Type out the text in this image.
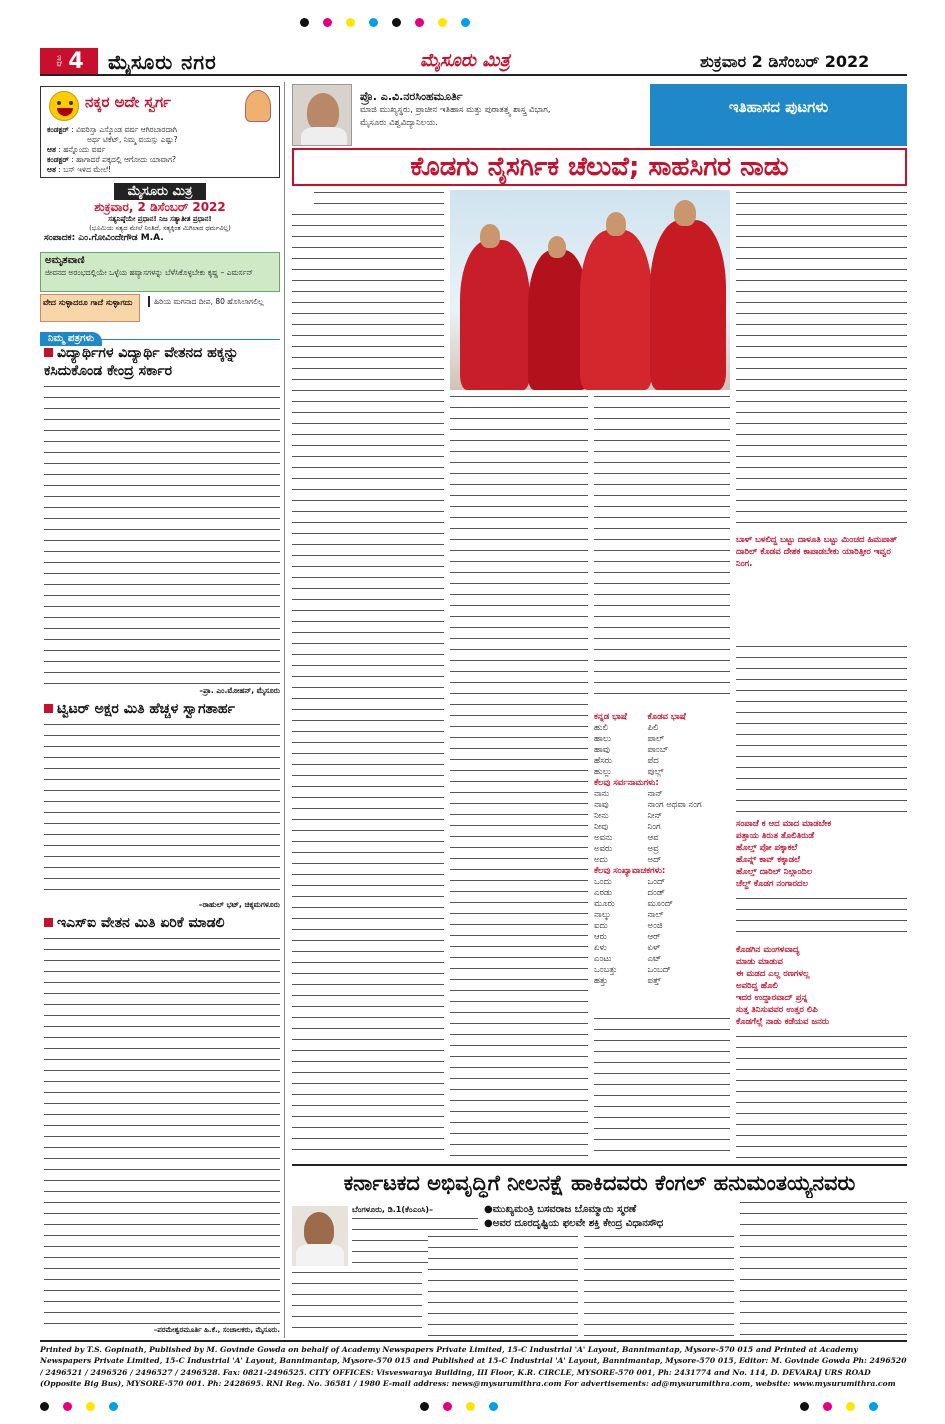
ಪುಟ 4 ಮೈಸೂರು ನಗರ	ಮೈಸೂರು ಮಿತ್ರ	ಶುಕ್ರವಾರ 2 ಡಿಸೆಂಬರ್ 2022
ನಕ್ಕರ ಅದೇ ಸ್ವರ್ಗ
ಕಂಡಕ್ಟರ್ : ವಿವರಿಸ್ತಾ ಎಸ್ಕೊಂಡ ವರ್ಷ ಆಗಿರಬಾರದಾಗಿ
ಅರ್ಧ ಟಿಕೆಟ್, ನಿಮ್ಮ ವಯಸ್ಸು ಎಷ್ಟು?
ಆತ : ಹನ್ನೊಂದು ವರ್ಷ
ಕಂಡಕ್ಟರ್ : ಹಾಗಾದರೆ ಪಕ್ಕದಲ್ಲಿ ಆಗೋದು ಯಾವಾಗ?
ಆತ : ಬಸ್ ಇಳಿದ ಮೇಲೆ!
ಮೈಸೂರು ಮಿತ್ರ
ಶುಕ್ರವಾರ, 2 ಡಿಸೆಂಬರ್ 2022
ಸತ್ಯನಿಷ್ಠೆಯೇ ಪ್ರಧಾನ! ನಿಜ ಸತ್ಯಾತೀತ ಪ್ರಧಾನ!
(ಭೂಮಿಯ ಸತ್ಯದ ಮೇಲೆ ನಿಂತಿದೆ, ಸತ್ಯಕ್ಕಿಂತ ಮಿಗಿಲಾದ ಧರ್ಮವಿಲ್ಲ)
ಸಂಪಾದಕ: ಎಂ.ಗೋವಿಂದೇಗೌಡ M.A.
ಅಮೃತವಾಣಿ
ಜೀವನದ ಅರಂಭದಲ್ಲಿಯೇ ಒಳ್ಳೆಯ ಹವ್ಯಾಸಗಳನ್ನು ಬೆಳೆಸಿಕೊಳ್ಳಬೇಕು ಕೃಷ್ಣ – ಎಮರ್ಸನ್
ವೇದ ಸುಳ್ಳಾದರೂ ಗಾದೆ ಸುಳ್ಳಾಗದು	ಹಿರಿಯ ಮಗನಾದ ದೀಪ, 80 ಹೊಸಿಲಾಗಲಿಲ್ಲ
ನಿಮ್ಮ ಪತ್ರಗಳು
ವಿದ್ಯಾರ್ಥಿಗಳ ವಿದ್ಯಾರ್ಥಿ ವೇತನದ ಹಕ್ಕನ್ನು ಕಸಿದುಕೊಂಡ ಕೇಂದ್ರ ಸರ್ಕಾರ
–ಪ್ರಾ. ಎಂ.ಮೋಹನ್, ಮೈಸೂರು
ಟ್ವಿಟರ್ ಅಕ್ಷರ ಮಿತಿ ಹೆಚ್ಚಳ ಸ್ವಾಗತಾರ್ಹ
–ರಾಹುಲ್ ಭಟ್, ಚಿಕ್ಕಮಗಳೂರು
ಇಎಸ್‌ಐ ವೇತನ ಮಿತಿ ಏರಿಕೆ ಮಾಡಲಿ
–ಪರಮೇಶ್ವರಮೂರ್ತಿ ಹಿ.ಕೆ., ಸಂಚಾಲಕರು, ಮೈಸೂರು.
ಪ್ರೊ. ಎ.ವಿ.ನರಸಿಂಹಮೂರ್ತಿ
ಮಾಜಿ ಮುಖ್ಯಸ್ಥರು, ಪ್ರಾಚೀನ ಇತಿಹಾಸ ಮತ್ತು ಪುರಾತತ್ತ್ವ ಶಾಸ್ತ್ರ ವಿಭಾಗ,
ಮೈಸೂರು ವಿಶ್ವವಿದ್ಯಾನಿಲಯ.
ಇತಿಹಾಸದ ಪುಟಗಳು
ಕೊಡಗು ನೈಸರ್ಗಿಕ ಚೆಲುವೆ; ಸಾಹಸಿಗರ ನಾಡು
ಕನ್ನಡ ಭಾಷೆ	ಕೊಡವ ಭಾಷೆ
ಹುಲಿ	ಪಿಲಿ
ಹಾಲು	ಪಾಲ್
ಹಾವು	ಪಾಂಬ್
ಹೆಸರು	ಪೆದ
ಹುಲ್ಲು	ಪುಲ್ಲ್
ಕೆಲವು ಸರ್ವನಾಮಗಳು:	
ನಾನು	ನಾನ್
ನಾವು	ನಾಂಗ ಅಥವಾ ನಂಗ
ನೀನು	ನೀನ್
ನೀವು	ನಿಂಗ
ಅವನು	ಆವ
ಅವರು	ಅವ್ರ
ಅದು	ಅದ್
ಕೆಲವು ಸಂಖ್ಯಾವಾಚಕಗಳು:	
ಒಂದು	ಒಂದ್
ಎರಡು	ದಂಡ್
ಮೂರು	ಮೂಂದ್
ನಾಲ್ಕು	ನಾಲ್
ಐದು	ಅಂಜಿ
ಆರು	ಆರ್
ಏಳು	ಏಳ್
ಎಂಟು	ಎಟ್
ಒಂಬತ್ತು	ಒಂಬದ್
ಹತ್ತು	ಪತ್ತ್
ಬಾಳ್ ಬಳಲಿದ್ದ ಬಟ್ಟು ದಾಳೂತಿ ಬಟ್ಟು ಮಿಂಚದ ಹಿಮಪಾತ್ ದಾರಿಲ್ ಕೊಡವ ದೇಶಕ ಕಾಪಾಡಬೇಕು ಯಾರಿತ್ತೀರ ಇವ್ವರ ನಿಂಗ.
ಸಂಪಾಜೆ ಕ ಆದ ಮಾದ ಮಾಡಬೇಕ
ಪತ್ತಾಯ ತಿರುತ ತೊಲಿತಿರುಡೆ
ಹೊಲ್ತ್ ಪೋ ಪಕ್ಕಾಕಲೆ
ಹೊನ್ನ್ ಕಾವ್ ಕಕ್ಕಾಡಲೆ
ಹೊಲ್ತ್ ದಾರಿಲ್ ನಿಲ್ಗಾಂದಿಲ
ಚೆಲ್ದ್ ಕೊಡಗ ನಂಗಾರದಲ
ಕೊಡಗಿನ ಮಂಗಳವಾದ್ಯ
ಮಾಡು ಮಾಡುವ
ಈ ಮಡದ ಎಲ್ಲ ರಣಗಳಲ್ಲ
ಅವರಿದ್ದ ಹೊಲಿ
ಇದರ ಉದ್ದಾರವಾದ್ ಪ್ರನ್ನ
ಸುತ್ತ ತಿನಿಸುವವರ ಉತ್ತರ ಲಿಪಿ
ಕೊಡಗೆಲ್ಲೆ ನಾಡು ಕಡೆಯವ ಜನರು
ಕರ್ನಾಟಕದ ಅಭಿವೃದ್ಧಿಗೆ ನೀಲನಕ್ಷೆ ಹಾಕಿದವರು ಕೆಂಗಲ್ ಹನುಮಂತಯ್ಯನವರು
ಬೆಂಗಳೂರು, ಡಿ.1(ಕೆಂಎಂಸಿ)–	●ಮುಖ್ಯಮಂತ್ರಿ ಬಸವರಾಜ ಬೊಮ್ಮಾಯಿ ಸ್ಮರಣೆ
●ಅವರ ದೂರದೃಷ್ಟಿಯ ಫಲವೇ ಶಕ್ತಿ ಕೇಂದ್ರ ವಿಧಾನಸೌಧ
Printed by T.S. Gopinath, Published by M. Govinde Gowda on behalf of Academy Newspapers Private Limited, 15-C Industrial 'A' Layout, Bannimantap, Mysore-570 015 and Printed at Academy Newspapers Private Limited, 15-C Industrial 'A' Layout, Bannimantap, Mysore-570 015 and Published at 15-C Industrial 'A' Layout, Bannimantap, Mysore-570 015, Editor: M. Govinde Gowda Ph: 2496520 / 2496521 / 2496526 / 2496527 / 2496528. Fax: 0821-2496525. CITY OFFICES: Visveswaraya Building, III Floor, K.R. CIRCLE, MYSORE-570 001, Ph: 2431774 and No. 114, D. DEVARAJ URS ROAD (Opposite Big Bus), MYSORE-570 001. Ph: 2428695. RNI Reg. No. 36581 / 1980 E-mail address: news@mysurumithra.com For advertisements: ad@mysurumithra.com, website: www.mysurumithra.com
